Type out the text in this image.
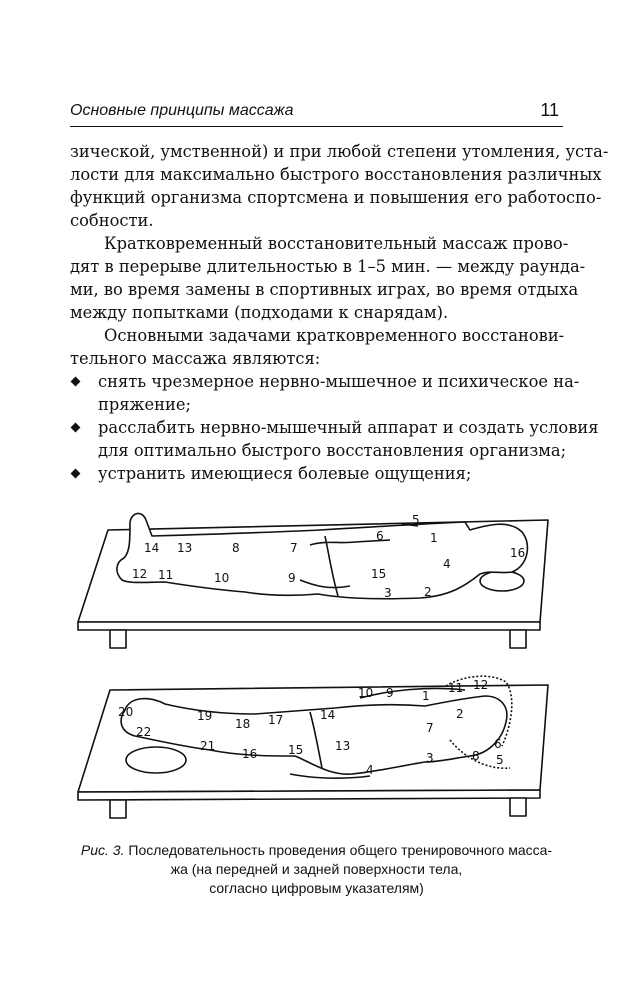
Основные принципы массажа	11
зической, умственной) и при любой степени утомления, уста-
лости для максимально быстрого восстановления различных
функций организма спортсмена и повышения его работоспо-
собности.
Кратковременный восстановительный массаж прово-
дят в перерыве длительностью в 1–5 мин. — между раунда-
ми, во время замены в спортивных играх, во время отдыха
между попытками (подходами к снарядам).
Основными задачами кратковременного восстанови-
тельного массажа являются:
снять чрезмерное нервно-мышечное и психическое на-
пряжение;
расслабить нервно-мышечный аппарат и создать условия
для оптимально быстрого восстановления организма;
устранить имеющиеся болевые ощущения;
1
2
3
4
5
6
7
8
9
10
11
12
13
14
15
16
1
2
3
4
5
6
7
8
9
10	11 12
13
14
15
16
17
18
19
20
21
22
Рис. 3. Последовательность проведения общего тренировочного масса-
жа (на передней и задней поверхности тела,
согласно цифровым указателям)
